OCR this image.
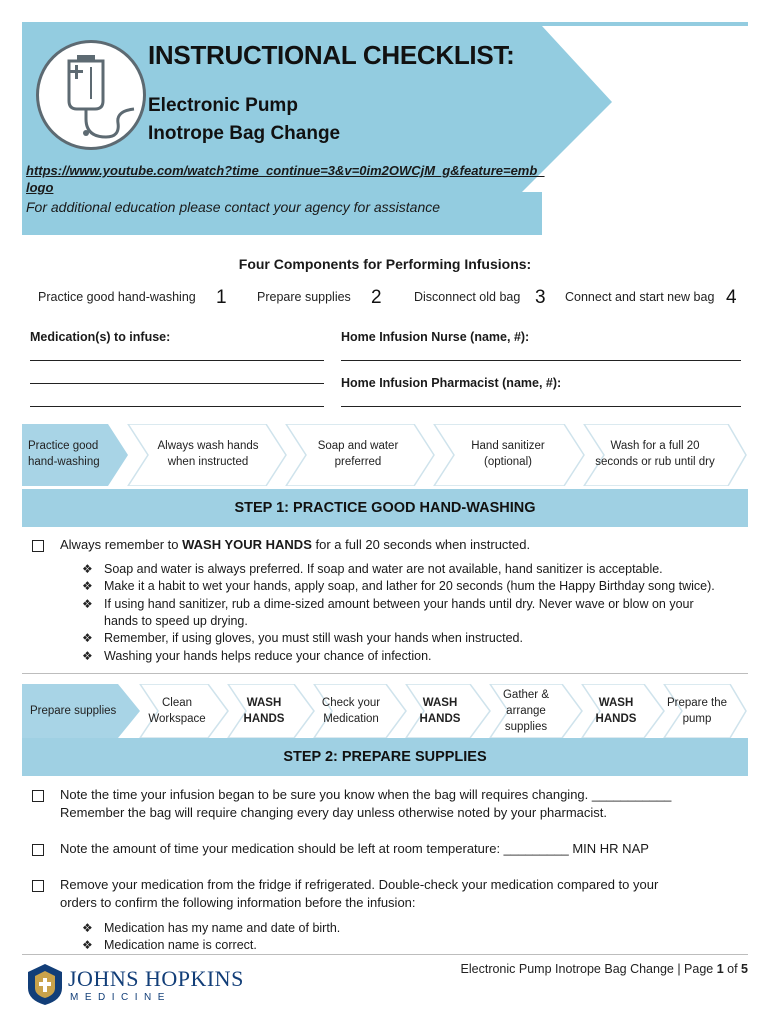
INSTRUCTIONAL CHECKLIST:
Electronic Pump
Inotrope Bag Change
https://www.youtube.com/watch?time_continue=3&v=0im2OWCjM_g&feature=emb_logo
For additional education please contact your agency for assistance
Four Components for Performing Infusions:
Practice good hand-washing 1 Prepare supplies 2	Disconnect old bag 3 Connect and start new bag 4
Medication(s) to infuse:	Home Infusion Nurse (name, #):
Home Infusion Pharmacist (name, #):
Practice good
hand-washing
Always wash hands
when instructed
Soap and water
preferred
Hand sanitizer
(optional)
Wash for a full 20
seconds or rub until dry
STEP 1: PRACTICE GOOD HAND-WASHING
Always remember to WASH YOUR HANDS for a full 20 seconds when instructed.
❖ Soap and water is always preferred. If soap and water are not available, hand sanitizer is acceptable.
❖ Make it a habit to wet your hands, apply soap, and lather for 20 seconds (hum the Happy Birthday song twice).
❖ If using hand sanitizer, rub a dime-sized amount between your hands until dry. Never wave or blow on your
hands to speed up drying.
❖ Remember, if using gloves, you must still wash your hands when instructed.
❖ Washing your hands helps reduce your chance of infection.
Prepare supplies
Clean
Workspace
WASH
HANDS
Check your
Medication
WASH
HANDS
Gather &
arrange
supplies
WASH
HANDS
Prepare the
pump
STEP 2: PREPARE SUPPLIES
Note the time your infusion began to be sure you know when the bag will requires changing. ___________
Remember the bag will require changing every day unless otherwise noted by your pharmacist.
Note the amount of time your medication should be left at room temperature: _________ MIN HR NAP
Remove your medication from the fridge if refrigerated. Double-check your medication compared to your
orders to confirm the following information before the infusion:
❖ Medication has my name and date of birth.
❖ Medication name is correct.
JOHNS HOPKINS
MEDICINE
Electronic Pump Inotrope Bag Change | Page 1 of 5
